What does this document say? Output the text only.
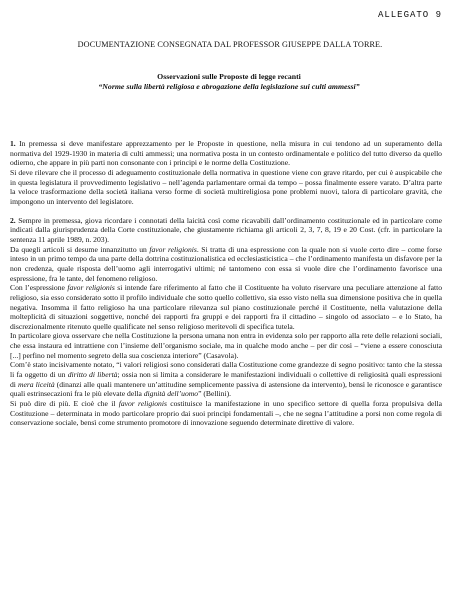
ALLEGATO 9
DOCUMENTAZIONE CONSEGNATA DAL PROFESSOR GIUSEPPE DALLA TORRE.
Osservazioni sulle Proposte di legge recanti
“Norme sulla libertà religiosa e abrogazione della legislazione sui culti ammessi”

1. In premessa si deve manifestare apprezzamento per le Proposte in questione, nella misura in cui tendono ad un superamento della normativa del 1929-1930 in materia di culti ammessi; una normativa posta in un contesto ordinamentale e politico del tutto diverso da quello odierno, che appare in più parti non consonante con i principi e le norme della Costituzione.

Si deve rilevare che il processo di adeguamento costituzionale della normativa in questione viene con grave ritardo, per cui è auspicabile che in questa legislatura il provvedimento legislativo – nell’agenda parlamentare ormai da tempo – possa finalmente essere varato. D’altra parte la veloce trasformazione della società italiana verso forme di società multireligiosa pone problemi nuovi, talora di particolare gravità, che impongono un intervento del legislatore.

2. Sempre in premessa, giova ricordare i connotati della laicità così come ricavabili dall’ordinamento costituzionale ed in particolare come indicati dalla giurisprudenza della Corte costituzionale, che giustamente richiama gli articoli 2, 3, 7, 8, 19 e 20 Cost. (cfr. in particolare la sentenza 11 aprile 1989, n. 203).

Da quegli articoli si desume innanzitutto un favor religionis. Si tratta di una espressione con la quale non si vuole certo dire – come forse inteso in un primo tempo da una parte della dottrina costituzionalistica ed ecclesiasticistica – che l’ordinamento manifesta un disfavore per la non credenza, quale risposta dell’uomo agli interrogativi ultimi; né tantomeno con essa si vuole dire che l’ordinamento favorisce una espressione, fra le tante, del fenomeno religioso.

Con l’espressione favor religionis si intende fare riferimento al fatto che il Costituente ha voluto riservare una peculiare attenzione al fatto religioso, sia esso considerato sotto il profilo individuale che sotto quello collettivo, sia esso visto nella sua dimensione positiva che in quella negativa. Insomma il fatto religioso ha una particolare rilevanza sul piano costituzionale perché il Costituente, nella valutazione della molteplicità di situazioni soggettive, nonché dei rapporti fra gruppi e dei rapporti fra il cittadino – singolo od associato – e lo Stato, ha discrezionalmente ritenuto quelle qualificate nel senso religioso meritevoli di specifica tutela.

In particolare giova osservare che nella Costituzione la persona umana non entra in evidenza solo per rapporto alla rete delle relazioni sociali, che essa instaura ed intrattiene con l’insieme dell’organismo sociale, ma in qualche modo anche – per dir così – “viene a essere conosciuta [...] perfino nel momento segreto della sua coscienza interiore” (Casavola).

Com’è stato incisivamente notato, “i valori religiosi sono considerati dalla Costituzione come grandezze di segno positivo: tanto che la stessa li fa oggetto di un diritto di libertà; ossia non si limita a considerare le manifestazioni individuali o collettive di religiosità quali espressioni di mera liceità (dinanzi alle quali mantenere un’attitudine semplicemente passiva di astensione da intervento), bensì le riconosce e garantisce quali estrinsecazioni fra le più elevate della dignità dell’uomo” (Bellini).

Si può dire di più. E cioè che il favor religionis costituisce la manifestazione in uno specifico settore di quella forza propulsiva della Costituzione – determinata in modo particolare proprio dai suoi principi fondamentali –, che ne segna l’attitudine a porsi non come regola di conservazione sociale, bensì come strumento promotore di innovazione seguendo determinate direttive di valore.
